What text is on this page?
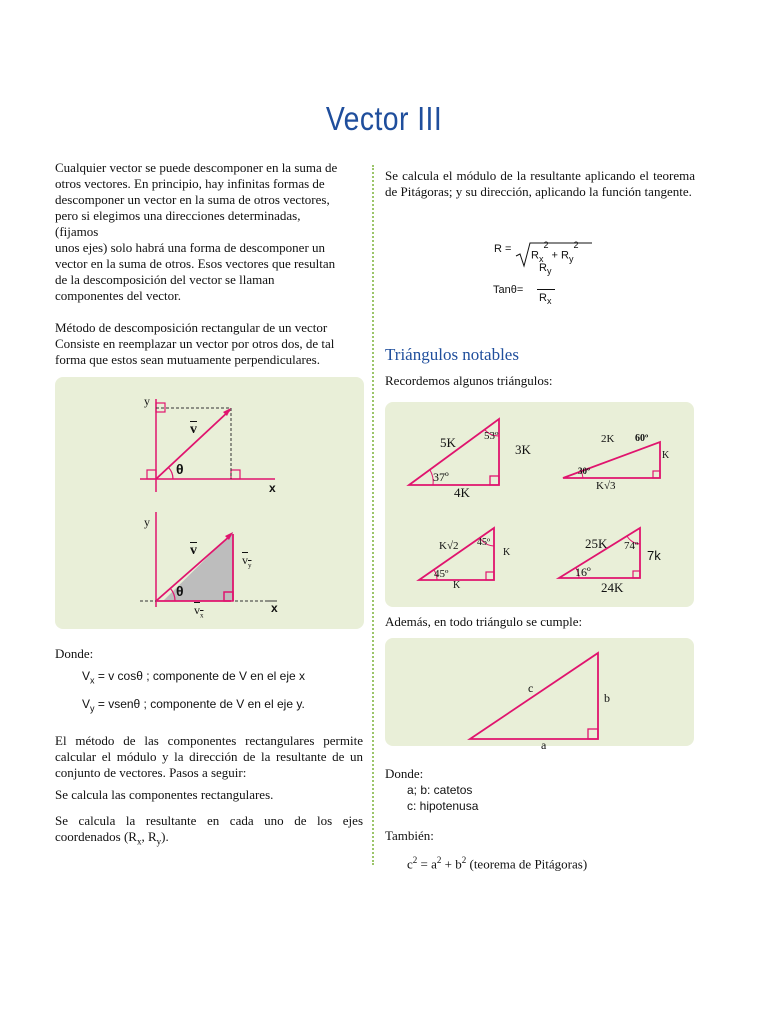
Vector III

Cualquier vector se puede descomponer en la suma de

otros vectores. En principio, hay infinitas formas de

descomponer un vector en la suma de otros vectores,

pero si elegimos una direcciones determinadas,

(fijamos

unos ejes) solo habrá una forma de descomponer un

vector en la suma de otros. Esos vectores que resultan

de la descomposición del vector se llaman

componentes del vector.

Método de descomposición rectangular de un vector

Consiste en reemplazar un vector por otros dos, de tal

forma que estos sean mutuamente perpendiculares.

y
x
$\overline{v}$
θ
y
x
$\overline{v}$
$v_y$
$v_x$
θ

Donde:

$V_x = v$ cosθ ; componente de V en el eje x

$V_y$ = vsenθ ; componente de V en el eje y.

El método de las componentes rectangulares permite calcular el módulo y la dirección de la resultante de un conjunto de vectores. Pasos a seguir:

Se calcula las componentes rectangulares.

Se calcula la resultante en cada uno de los ejes coordenados ($R_x$, $R_y$).

Se calcula el módulo de la resultante aplicando el teorema de Pitágoras; y su dirección, aplicando la función tangente.

R =
$R_x^2 + R_y^2$
Tanθ=
$R_y$
$R_x$
Triángulos notables
Recordemos algunos triángulos:
5K	53º
3K
37º
4K
2K 60º
K
30º
K√3
K√2 45º
K
45º
K
25K 74º
7k
16º
24K
Además, en todo triángulo se cumple:
c
b
a

Donde:

a; b: catetos

c: hipotenusa

También:

$c^2 = a^2 + b^2$ (teorema de Pitágoras)
